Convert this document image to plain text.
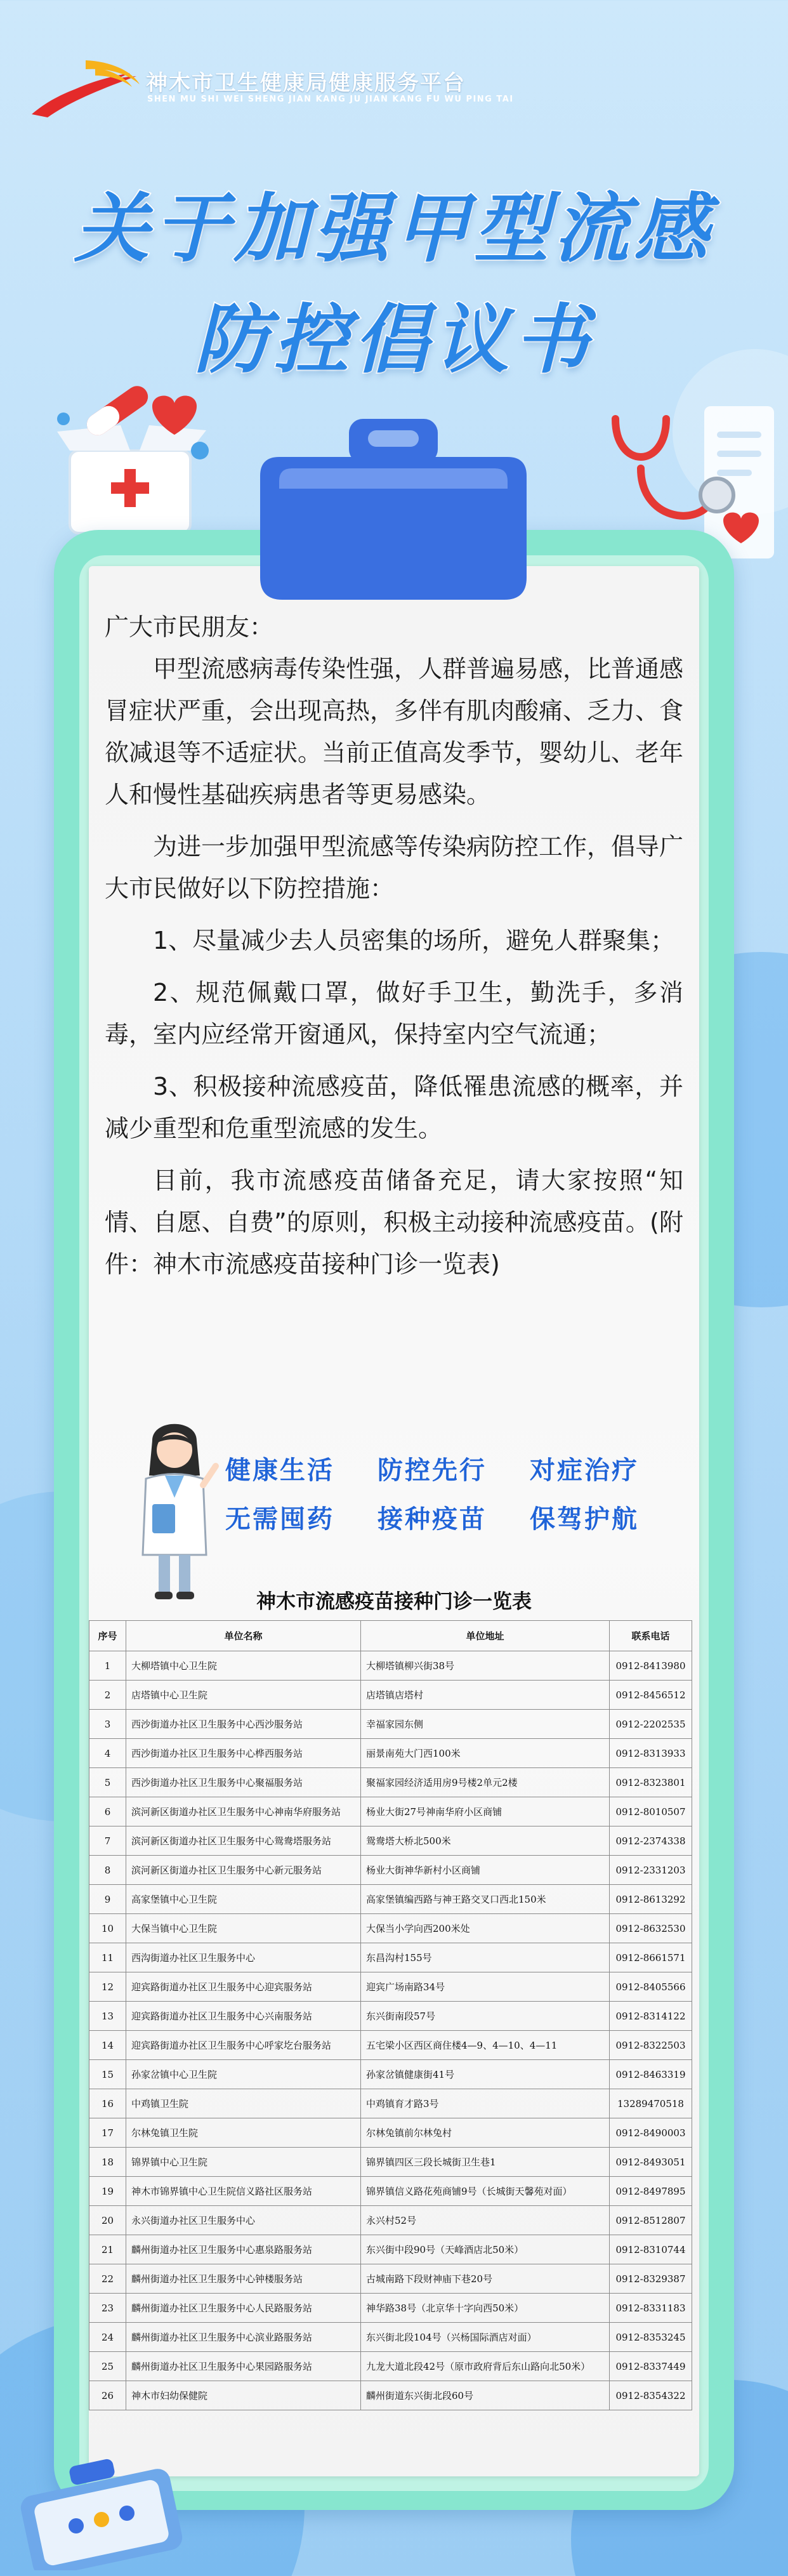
神木市卫生健康局健康服务平台
SHEN MU SHI WEI SHENG JIAN KANG JU JIAN KANG FU WU PING TAI
关于加强甲型流感
防控倡议书

广大市民朋友：

甲型流感病毒传染性强，人群普遍易感，比普通感冒症状严重，会出现高热，多伴有肌肉酸痛、乏力、食欲减退等不适症状。当前正值高发季节，婴幼儿、老年人和慢性基础疾病患者等更易感染。

为进一步加强甲型流感等传染病防控工作，倡导广大市民做好以下防控措施：

1、尽量减少去人员密集的场所，避免人群聚集；

2、规范佩戴口罩，做好手卫生，勤洗手，多消毒，室内应经常开窗通风，保持室内空气流通；

3、积极接种流感疫苗，降低罹患流感的概率，并减少重型和危重型流感的发生。

目前，我市流感疫苗储备充足，请大家按照“知情、自愿、自费”的原则，积极主动接种流感疫苗。(附件：神木市流感疫苗接种门诊一览表)

健康生活	防控先行	对症治疗
无需囤药	接种疫苗	保驾护航
神木市流感疫苗接种门诊一览表
序号	单位名称	单位地址	联系电话
1	大柳塔镇中心卫生院	大柳塔镇柳兴街38号	0912-8413980
2	店塔镇中心卫生院	店塔镇店塔村	0912-8456512
3	西沙街道办社区卫生服务中心西沙服务站	幸福家园东侧	0912-2202535
4	西沙街道办社区卫生服务中心桦西服务站	丽景南苑大门西100米	0912-8313933
5	西沙街道办社区卫生服务中心聚福服务站	聚福家园经济适用房9号楼2单元2楼	0912-8323801
6	滨河新区街道办社区卫生服务中心神南华府服务站	杨业大街27号神南华府小区商铺	0912-8010507
7	滨河新区街道办社区卫生服务中心鸳鸯塔服务站	鸳鸯塔大桥北500米	0912-2374338
8	滨河新区街道办社区卫生服务中心新元服务站	杨业大街神华新村小区商铺	0912-2331203
9	高家堡镇中心卫生院	高家堡镇编西路与神王路交叉口西北150米	0912-8613292
10	大保当镇中心卫生院	大保当小学向西200米处	0912-8632530
11	西沟街道办社区卫生服务中心	东昌沟村155号	0912-8661571
12	迎宾路街道办社区卫生服务中心迎宾服务站	迎宾广场南路34号	0912-8405566
13	迎宾路街道办社区卫生服务中心兴南服务站	东兴街南段57号	0912-8314122
14	迎宾路街道办社区卫生服务中心呼家圪台服务站	五宅梁小区西区商住楼4—9、4—10、4—11	0912-8322503
15	孙家岔镇中心卫生院	孙家岔镇健康街41号	0912-8463319
16	中鸡镇卫生院	中鸡镇育才路3号	13289470518
17	尔林兔镇卫生院	尔林兔镇前尔林兔村	0912-8490003
18	锦界镇中心卫生院	锦界镇四区三段长城街卫生巷1	0912-8493051
19	神木市锦界镇中心卫生院信义路社区服务站	锦界镇信义路花苑商铺9号（长城街天馨苑对面）	0912-8497895
20	永兴街道办社区卫生服务中心	永兴村52号	0912-8512807
21	麟州街道办社区卫生服务中心惠泉路服务站	东兴街中段90号（天峰酒店北50米）	0912-8310744
22	麟州街道办社区卫生服务中心钟楼服务站	古城南路下段财神庙下巷20号	0912-8329387
23	麟州街道办社区卫生服务中心人民路服务站	神华路38号（北京华十字向西50米）	0912-8331183
24	麟州街道办社区卫生服务中心滨业路服务站	东兴街北段104号（兴杨国际酒店对面）	0912-8353245
25	麟州街道办社区卫生服务中心果园路服务站	九龙大道北段42号（原市政府背后东山路向北50米）	0912-8337449
26	神木市妇幼保健院	麟州街道东兴街北段60号	0912-8354322
